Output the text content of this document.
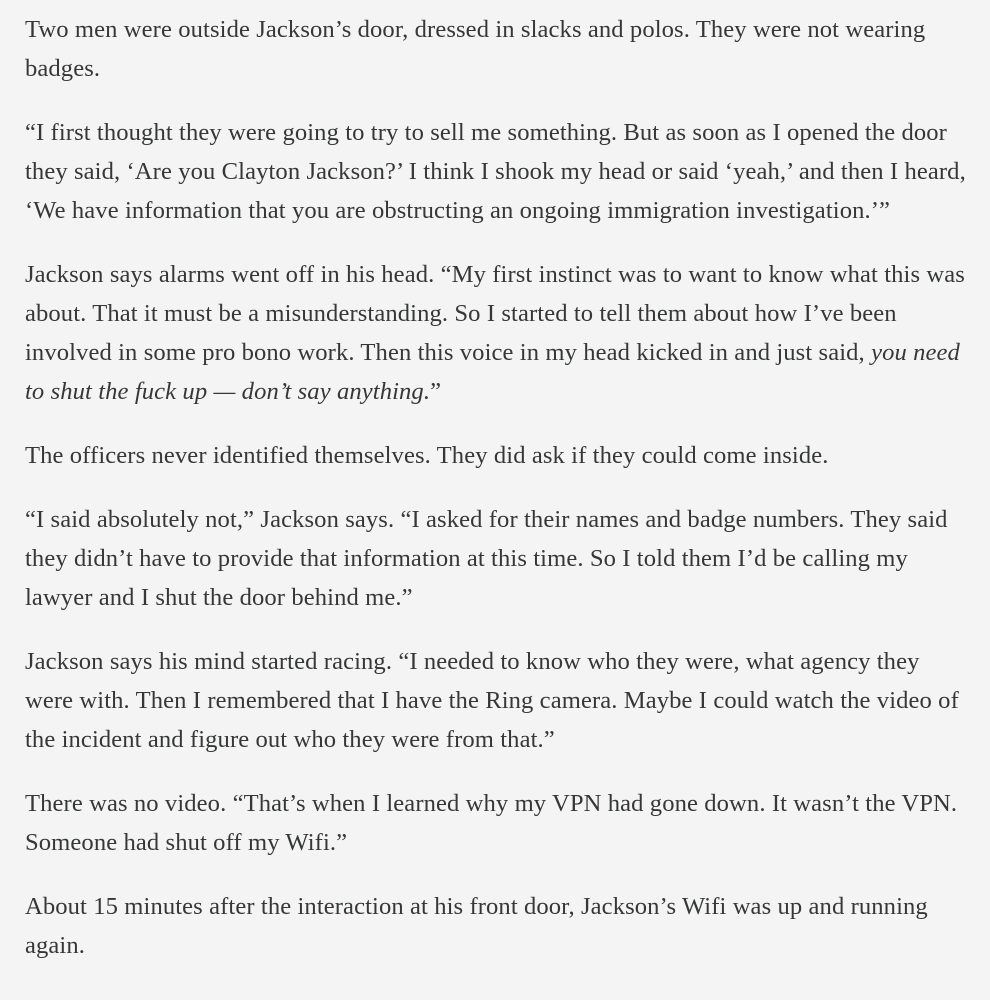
Two men were outside Jackson’s door, dressed in slacks and polos. They were not wearing badges.

“I first thought they were going to try to sell me something. But as soon as I opened the door they said, ‘Are you Clayton Jackson?’ I think I shook my head or said ‘yeah,’ and then I heard, ‘We have information that you are obstructing an ongoing immigration investigation.’”

Jackson says alarms went off in his head. “My first instinct was to want to know what this was about. That it must be a misunderstanding. So I started to tell them about how I’ve been involved in some pro bono work. Then this voice in my head kicked in and just said, you need to shut the fuck up — don’t say anything.”

The officers never identified themselves. They did ask if they could come inside.

“I said absolutely not,” Jackson says. “I asked for their names and badge numbers. They said they didn’t have to provide that information at this time. So I told them I’d be calling my lawyer and I shut the door behind me.”

Jackson says his mind started racing. “I needed to know who they were, what agency they were with. Then I remembered that I have the Ring camera. Maybe I could watch the video of the incident and figure out who they were from that.”

There was no video. “That’s when I learned why my VPN had gone down. It wasn’t the VPN. Someone had shut off my Wifi.”

About 15 minutes after the interaction at his front door, Jackson’s Wifi was up and running again.
